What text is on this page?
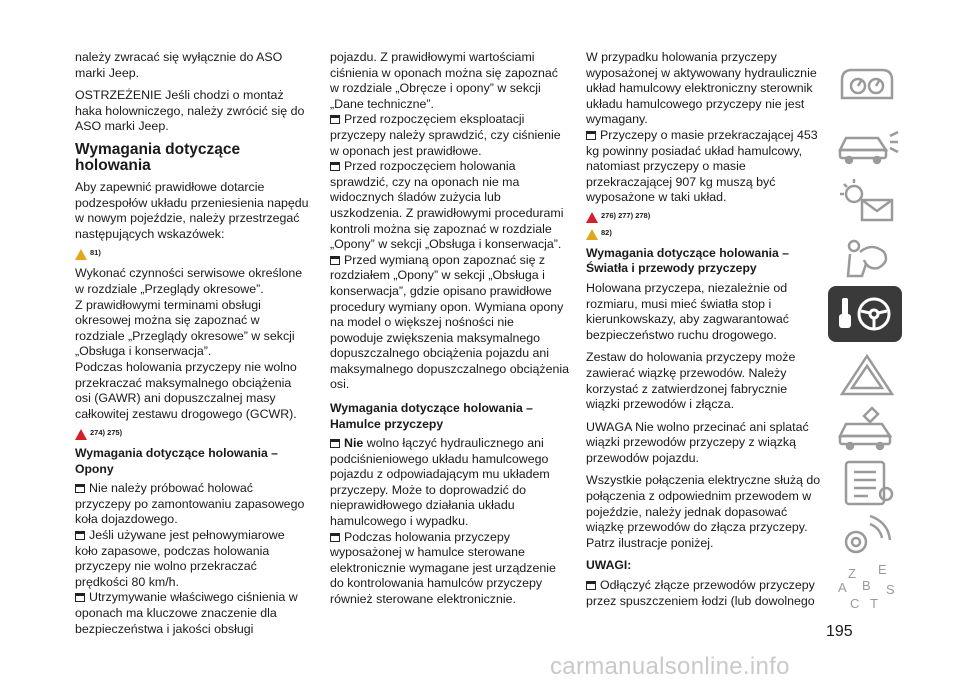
należy zwracać się wyłącznie do ASO marki Jeep.

OSTRZEŻENIE Jeśli chodzi o montaż haka holowniczego, należy zwrócić się do ASO marki Jeep.

Wymagania dotyczące holowania

Aby zapewnić prawidłowe dotarcie podzespołów układu przeniesienia napędu w nowym pojeździe, należy przestrzegać następujących wskazówek:

81)

Wykonać czynności serwisowe określone w rozdziale „Przeglądy okresowe”.

Z prawidłowymi terminami obsługi okresowej można się zapoznać w rozdziale „Przeglądy okresowe” w sekcji „Obsługa i konserwacja”.

Podczas holowania przyczepy nie wolno przekraczać maksymalnego obciążenia osi (GAWR) ani dopuszczalnej masy całkowitej zestawu drogowego (GCWR).

274) 275)
Wymagania dotyczące holowania – Opony
Nie należy próbować holować przyczepy po zamontowaniu zapasowego koła dojazdowego.
Jeśli używane jest pełnowymiarowe koło zapasowe, podczas holowania przyczepy nie wolno przekraczać prędkości 80 km/h.
Utrzymywanie właściwego ciśnienia w oponach ma kluczowe znaczenie dla bezpieczeństwa i jakości obsługi
pojazdu. Z prawidłowymi wartościami ciśnienia w oponach można się zapoznać w rozdziale „Obręcze i opony” w sekcji „Dane techniczne”.
Przed rozpoczęciem eksploatacji przyczepy należy sprawdzić, czy ciśnienie w oponach jest prawidłowe.
Przed rozpoczęciem holowania sprawdzić, czy na oponach nie ma widocznych śladów zużycia lub uszkodzenia. Z prawidłowymi procedurami kontroli można się zapoznać w rozdziale „Opony” w sekcji „Obsługa i konserwacja”.
Przed wymianą opon zapoznać się z rozdziałem „Opony” w sekcji „Obsługa i konserwacja”, gdzie opisano prawidłowe procedury wymiany opon. Wymiana opony na model o większej nośności nie powoduje zwiększenia maksymalnego dopuszczalnego obciążenia pojazdu ani maksymalnego dopuszczalnego obciążenia osi.
Wymagania dotyczące holowania – Hamulce przyczepy
Nie wolno łączyć hydraulicznego ani podciśnieniowego układu hamulcowego pojazdu z odpowiadającym mu układem przyczepy. Może to doprowadzić do nieprawidłowego działania układu hamulcowego i wypadku.
Podczas holowania przyczepy wyposażonej w hamulce sterowane elektronicznie wymagane jest urządzenie do kontrolowania hamulców przyczepy również sterowane elektronicznie.
W przypadku holowania przyczepy wyposażonej w aktywowany hydraulicznie układ hamulcowy elektroniczny sterownik układu hamulcowego przyczepy nie jest wymagany.
Przyczepy o masie przekraczającej 453 kg powinny posiadać układ hamulcowy, natomiast przyczepy o masie przekraczającej 907 kg muszą być wyposażone w taki układ.
276) 277) 278)
82)
Wymagania dotyczące holowania – Światła i przewody przyczepy

Holowana przyczepa, niezależnie od rozmiaru, musi mieć światła stop i kierunkowskazy, aby zagwarantować bezpieczeństwo ruchu drogowego.

Zestaw do holowania przyczepy może zawierać wiązkę przewodów. Należy korzystać z zatwierdzonej fabrycznie wiązki przewodów i złącza.

UWAGA Nie wolno przecinać ani splatać wiązki przewodów przyczepy z wiązką przewodów pojazdu.

Wszystkie połączenia elektryczne służą do połączenia z odpowiednim przewodem w pojeździe, należy jednak dopasować wiązkę przewodów do złącza przyczepy. Patrz ilustracje poniżej.

UWAGI:
Odłączyć złącze przewodów przyczepy przez spuszczeniem łodzi (lub dowolnego
Z E
A B S
C T
195
carmanualsonline.info
